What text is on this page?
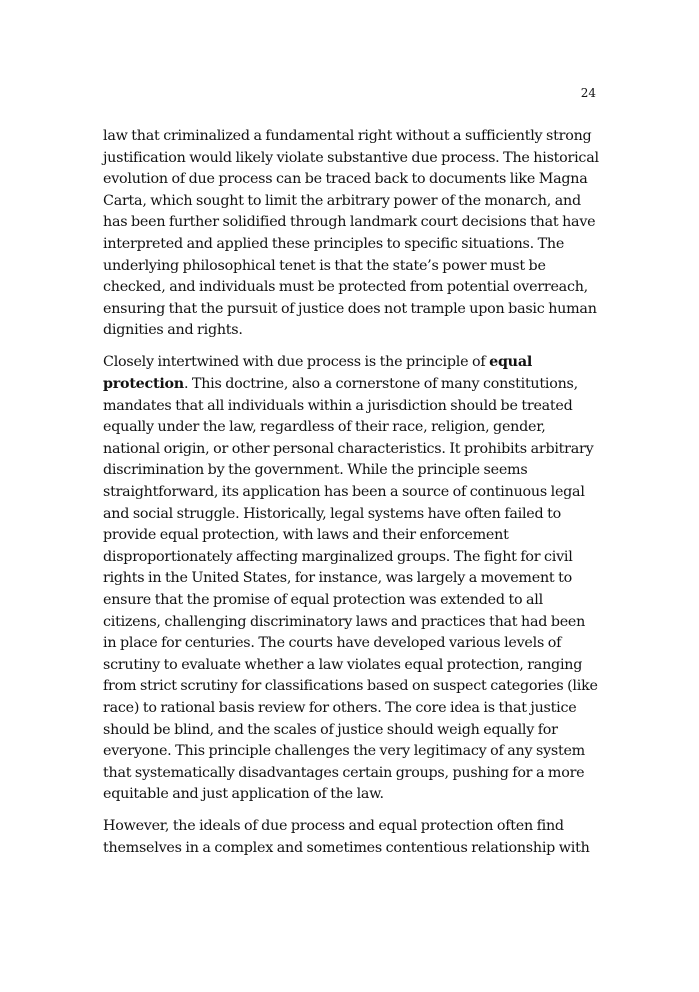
24

law that criminalized a fundamental right without a sufficiently strong justification would likely violate substantive due process. The historical evolution of due process can be traced back to documents like Magna Carta, which sought to limit the arbitrary power of the monarch, and has been further solidified through landmark court decisions that have interpreted and applied these principles to specific situations. The underlying philosophical tenet is that the state’s power must be checked, and individuals must be protected from potential overreach, ensuring that the pursuit of justice does not trample upon basic human dignities and rights.

Closely intertwined with due process is the principle of equal protection. This doctrine, also a cornerstone of many constitutions, mandates that all individuals within a jurisdiction should be treated equally under the law, regardless of their race, religion, gender, national origin, or other personal characteristics. It prohibits arbitrary discrimination by the government. While the principle seems straightforward, its application has been a source of continuous legal and social struggle. Historically, legal systems have often failed to provide equal protection, with laws and their enforcement disproportionately affecting marginalized groups. The fight for civil rights in the United States, for instance, was largely a movement to ensure that the promise of equal protection was extended to all citizens, challenging discriminatory laws and practices that had been in place for centuries. The courts have developed various levels of scrutiny to evaluate whether a law violates equal protection, ranging from strict scrutiny for classifications based on suspect categories (like race) to rational basis review for others. The core idea is that justice should be blind, and the scales of justice should weigh equally for everyone. This principle challenges the very legitimacy of any system that systematically disadvantages certain groups, pushing for a more equitable and just application of the law.

However, the ideals of due process and equal protection often find themselves in a complex and sometimes contentious relationship with
